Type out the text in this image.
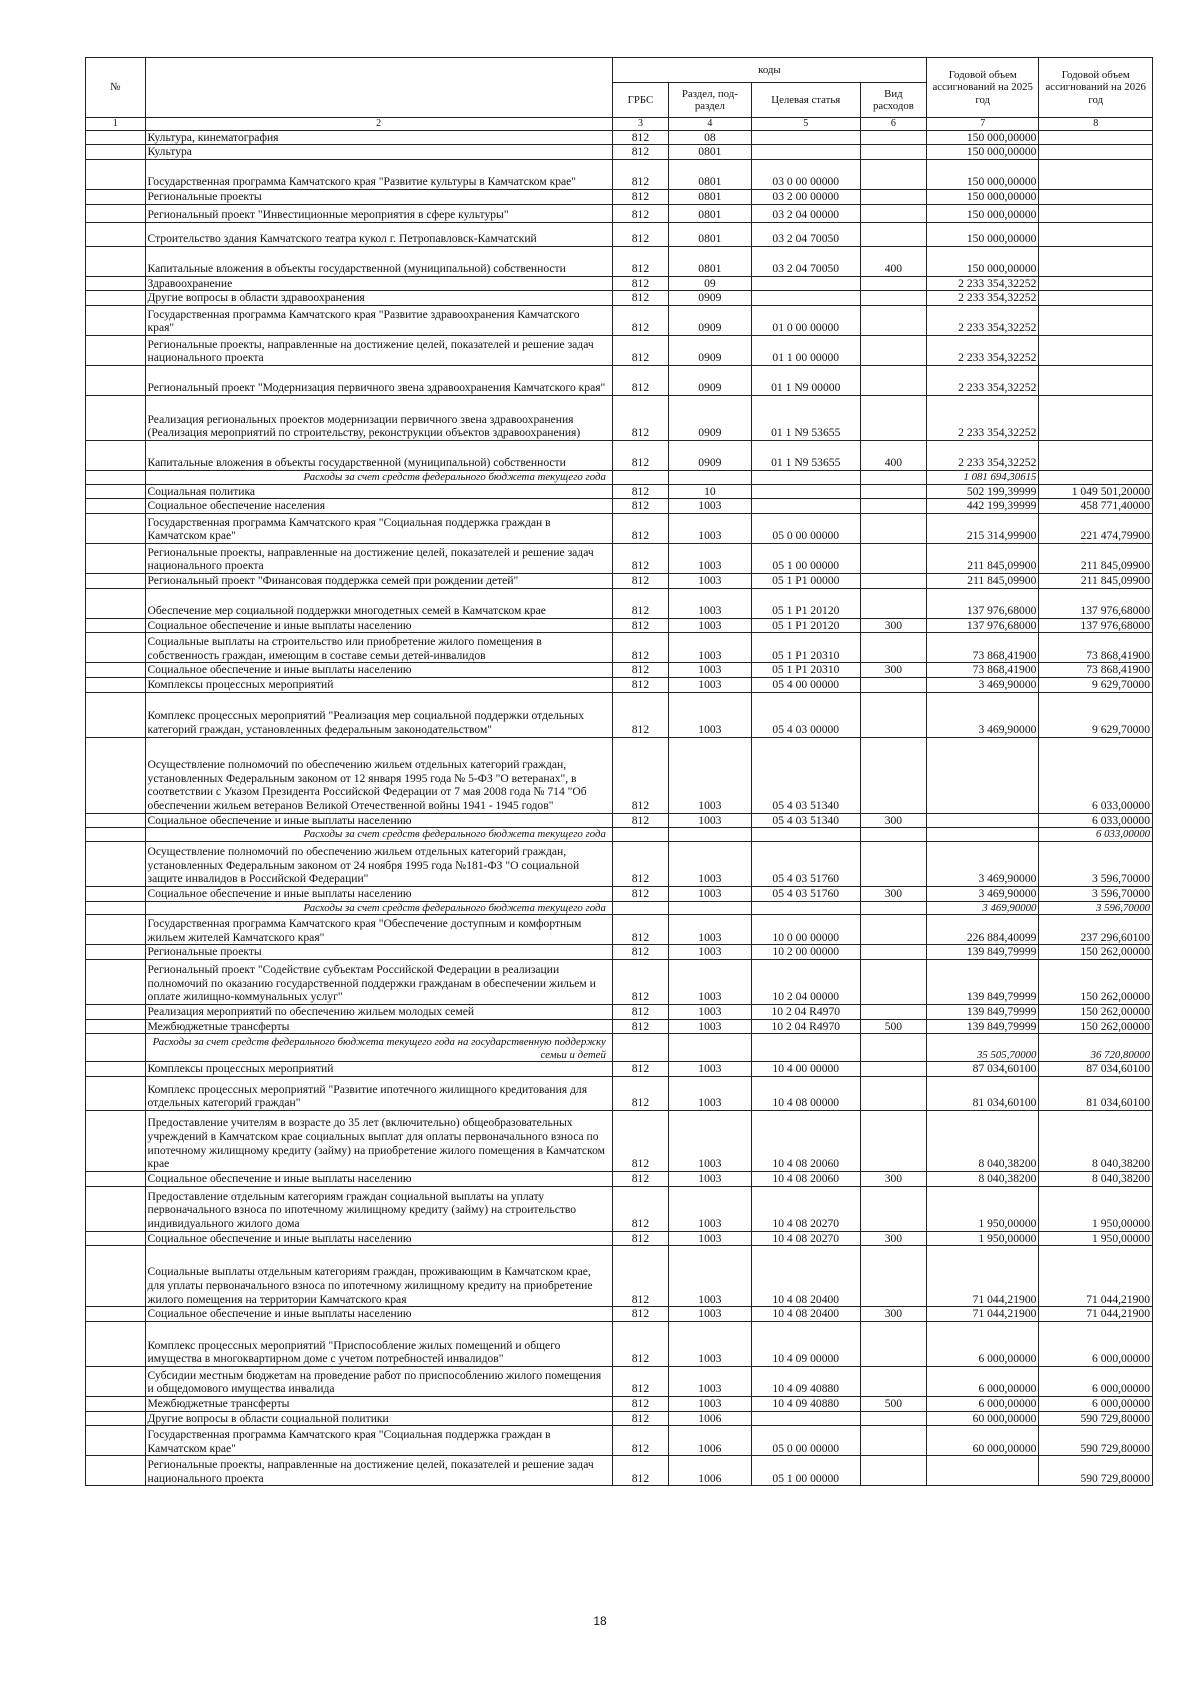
№		коды				Годовой объем ассигнований на 2025 год	Годовой объем ассигнований на 2026 год
		ГРБС	Раздел, под-раздел	Целевая статья	Вид расходов		
1	2	3	4	5	6	7	8
	Культура, кинематография	812	08			150 000,00000	
	Культура	812	0801			150 000,00000	
	Государственная программа Камчатского края "Развитие культуры в Камчатском крае"	812	0801	03 0 00 00000		150 000,00000	
	Региональные проекты	812	0801	03 2 00 00000		150 000,00000	
	Региональный проект "Инвестиционные мероприятия в сфере культуры"	812	0801	03 2 04 00000		150 000,00000	
	Строительство здания Камчатского театра кукол г. Петропавловск-Камчатский	812	0801	03 2 04 70050		150 000,00000	
	Капитальные вложения в объекты государственной (муниципальной) собственности	812	0801	03 2 04 70050	400	150 000,00000	
	Здравоохранение	812	09			2 233 354,32252	
	Другие вопросы в области здравоохранения	812	0909			2 233 354,32252	
	Государственная программа Камчатского края "Развитие здравоохранения Камчатского края"	812	0909	01 0 00 00000		2 233 354,32252	
	Региональные проекты, направленные на достижение целей, показателей и решение задач национального проекта	812	0909	01 1 00 00000		2 233 354,32252	
	Региональный проект "Модернизация первичного звена здравоохранения Камчатского края"	812	0909	01 1 N9 00000		2 233 354,32252	
	Реализация региональных проектов модернизации первичного звена здравоохранения (Реализация мероприятий по строительству, реконструкции объектов здравоохранения)	812	0909	01 1 N9 53655		2 233 354,32252	
	Капитальные вложения в объекты государственной (муниципальной) собственности	812	0909	01 1 N9 53655	400	2 233 354,32252	
	Расходы за счет средств федерального бюджета текущего года					1 081 694,30615	
	Социальная политика	812	10			502 199,39999	1 049 501,20000
	Социальное обеспечение населения	812	1003			442 199,39999	458 771,40000
	Государственная программа Камчатского края "Социальная поддержка граждан в Камчатском крае"	812	1003	05 0 00 00000		215 314,99900	221 474,79900
	Региональные проекты, направленные на достижение целей, показателей и решение задач национального проекта	812	1003	05 1 00 00000		211 845,09900	211 845,09900
	Региональный проект "Финансовая поддержка семей при рождении детей"	812	1003	05 1 P1 00000		211 845,09900	211 845,09900
	Обеспечение мер социальной поддержки многодетных семей в Камчатском крае	812	1003	05 1 P1 20120		137 976,68000	137 976,68000
	Социальное обеспечение и иные выплаты населению	812	1003	05 1 P1 20120	300	137 976,68000	137 976,68000
	Социальные выплаты на строительство или приобретение жилого помещения в собственность граждан, имеющим в составе семьи детей-инвалидов	812	1003	05 1 P1 20310		73 868,41900	73 868,41900
	Социальное обеспечение и иные выплаты населению	812	1003	05 1 P1 20310	300	73 868,41900	73 868,41900
	Комплексы процессных мероприятий	812	1003	05 4 00 00000		3 469,90000	9 629,70000
	Комплекс процессных мероприятий "Реализация мер социальной поддержки отдельных категорий граждан, установленных федеральным законодательством"	812	1003	05 4 03 00000		3 469,90000	9 629,70000
	Осуществление полномочий по обеспечению жильем отдельных категорий граждан, установленных Федеральным законом от 12 января 1995 года № 5-ФЗ "О ветеранах", в соответствии с Указом Президента Российской Федерации от 7 мая 2008 года № 714 "Об обеспечении жильем ветеранов Великой Отечественной войны 1941 - 1945 годов"	812	1003	05 4 03 51340			6 033,00000
	Социальное обеспечение и иные выплаты населению	812	1003	05 4 03 51340	300		6 033,00000
	Расходы за счет средств федерального бюджета текущего года						6 033,00000
	Осуществление полномочий по обеспечению жильем отдельных категорий граждан, установленных Федеральным законом от 24 ноября 1995 года №181-ФЗ "О социальной защите инвалидов в Российской Федерации"	812	1003	05 4 03 51760		3 469,90000	3 596,70000
	Социальное обеспечение и иные выплаты населению	812	1003	05 4 03 51760	300	3 469,90000	3 596,70000
	Расходы за счет средств федерального бюджета текущего года					3 469,90000	3 596,70000
	Государственная программа Камчатского края "Обеспечение доступным и комфортным жильем жителей Камчатского края"	812	1003	10 0 00 00000		226 884,40099	237 296,60100
	Региональные проекты	812	1003	10 2 00 00000		139 849,79999	150 262,00000
	Региональный проект "Содействие субъектам Российской Федерации в реализации полномочий по оказанию государственной поддержки гражданам в обеспечении жильем и оплате жилищно-коммунальных услуг"	812	1003	10 2 04 00000		139 849,79999	150 262,00000
	Реализация мероприятий по обеспечению жильем молодых семей	812	1003	10 2 04 R4970		139 849,79999	150 262,00000
	Межбюджетные трансферты	812	1003	10 2 04 R4970	500	139 849,79999	150 262,00000
	Расходы за счет средств федерального бюджета текущего года на государственную поддержку семьи и детей					35 505,70000	36 720,80000
	Комплексы процессных мероприятий	812	1003	10 4 00 00000		87 034,60100	87 034,60100
	Комплекс процессных мероприятий "Развитие ипотечного жилищного кредитования для отдельных категорий граждан"	812	1003	10 4 08 00000		81 034,60100	81 034,60100
	Предоставление учителям в возрасте до 35 лет (включительно) общеобразовательных учреждений в Камчатском крае социальных выплат для оплаты первоначального взноса по ипотечному жилищному кредиту (займу) на приобретение жилого помещения в Камчатском крае	812	1003	10 4 08 20060		8 040,38200	8 040,38200
	Социальное обеспечение и иные выплаты населению	812	1003	10 4 08 20060	300	8 040,38200	8 040,38200
	Предоставление отдельным категориям граждан социальной выплаты на уплату первоначального взноса по ипотечному жилищному кредиту (займу) на строительство индивидуального жилого дома	812	1003	10 4 08 20270		1 950,00000	1 950,00000
	Социальное обеспечение и иные выплаты населению	812	1003	10 4 08 20270	300	1 950,00000	1 950,00000
	Социальные выплаты отдельным категориям граждан, проживающим в Камчатском крае, для уплаты первоначального взноса по ипотечному жилищному кредиту на приобретение жилого помещения на территории Камчатского края	812	1003	10 4 08 20400		71 044,21900	71 044,21900
	Социальное обеспечение и иные выплаты населению	812	1003	10 4 08 20400	300	71 044,21900	71 044,21900
	Комплекс процессных мероприятий "Приспособление жилых помещений и общего имущества в многоквартирном доме с учетом потребностей инвалидов"	812	1003	10 4 09 00000		6 000,00000	6 000,00000
	Субсидии местным бюджетам на проведение работ по приспособлению жилого помещения и общедомового имущества инвалида	812	1003	10 4 09 40880		6 000,00000	6 000,00000
	Межбюджетные трансферты	812	1003	10 4 09 40880	500	6 000,00000	6 000,00000
	Другие вопросы в области социальной политики	812	1006			60 000,00000	590 729,80000
	Государственная программа Камчатского края "Социальная поддержка граждан в Камчатском крае"	812	1006	05 0 00 00000		60 000,00000	590 729,80000
	Региональные проекты, направленные на достижение целей, показателей и решение задач национального проекта	812	1006	05 1 00 00000			590 729,80000
18
